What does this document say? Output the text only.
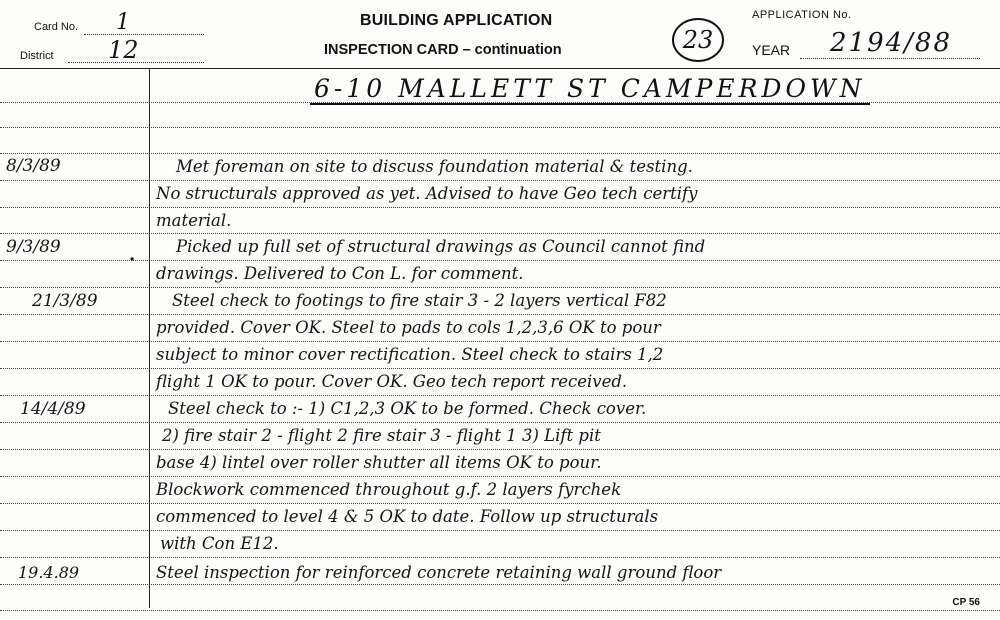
Card No. 1
District 12
BUILDING APPLICATION
INSPECTION CARD – continuation	23
APPLICATION No.
YEAR 2194/88
6-10 MALLETT ST CAMPERDOWN
8/3/89	Met foreman on site to discuss foundation material & testing.
No structurals approved as yet. Advised to have Geo tech certify
material.
9/3/89	Picked up full set of structural drawings as Council cannot find
•
drawings. Delivered to Con L. for comment.
21/3/89	Steel check to footings to fire stair 3 - 2 layers vertical F82
provided. Cover OK. Steel to pads to cols 1,2,3,6 OK to pour
subject to minor cover rectification. Steel check to stairs 1,2
flight 1 OK to pour. Cover OK. Geo tech report received.
14/4/89	Steel check to :- 1) C1,2,3 OK to be formed. Check cover.
2) fire stair 2 - flight 2 fire stair 3 - flight 1 3) Lift pit
base 4) lintel over roller shutter all items OK to pour.
Blockwork commenced throughout g.f. 2 layers fyrchek
commenced to level 4 & 5 OK to date. Follow up structurals
with Con E12.
19.4.89	Steel inspection for reinforced concrete retaining wall ground floor
CP 56
